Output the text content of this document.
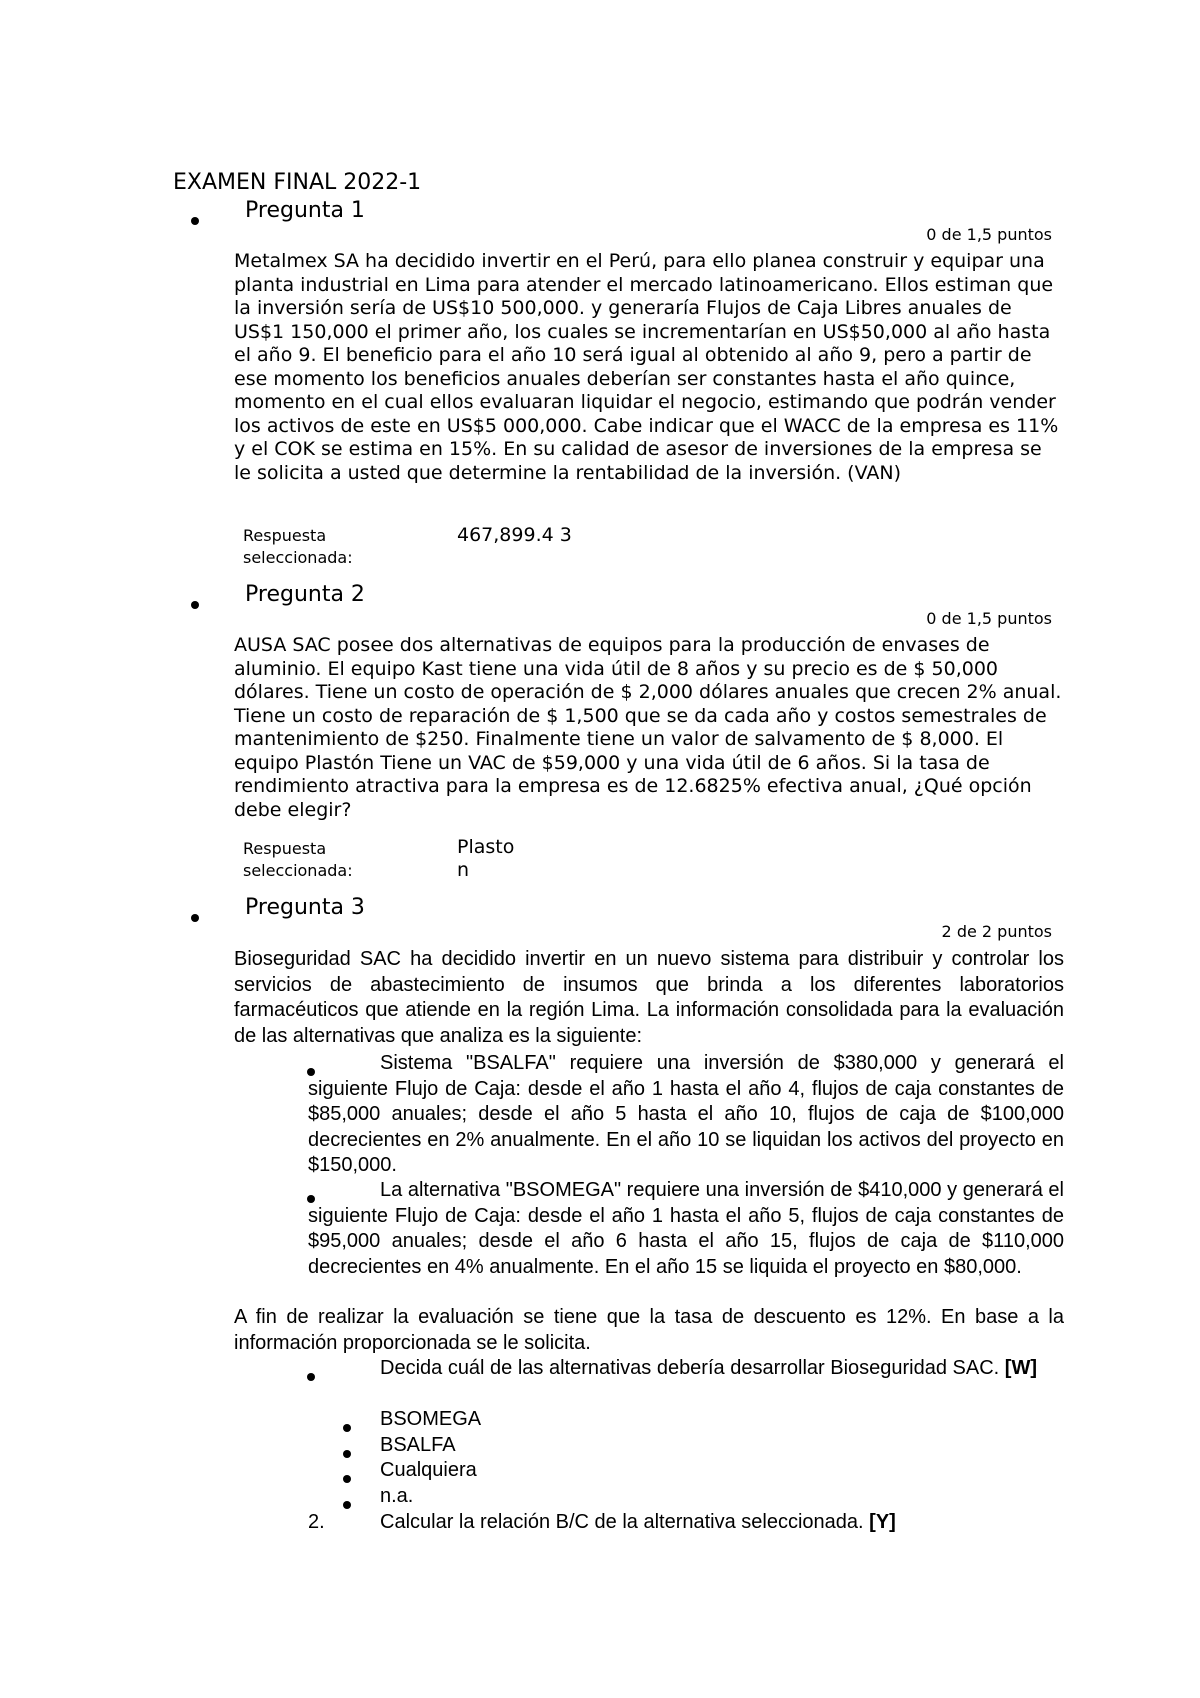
EXAMEN FINAL 2022-1
Pregunta 1
0 de 1,5 puntos
Metalmex SA ha decidido invertir en el Perú, para ello planea construir y equipar una planta industrial en Lima para atender el mercado latinoamericano. Ellos estiman que la inversión sería de US$10 500,000. y generaría Flujos de Caja Libres anuales de US$1 150,000 el primer año, los cuales se incrementarían en US$50,000 al año hasta el año 9. El beneficio para el año 10 será igual al obtenido al año 9, pero a partir de ese momento los beneficios anuales deberían ser constantes hasta el año quince, momento en el cual ellos evaluaran liquidar el negocio, estimando que podrán vender los activos de este en US$5 000,000. Cabe indicar que el WACC de la empresa es 11% y el COK se estima en 15%. En su calidad de asesor de inversiones de la empresa se le solicita a usted que determine la rentabilidad de la inversión. (VAN)
Respuesta seleccionada:
467,899.4 3
Pregunta 2
0 de 1,5 puntos
AUSA SAC posee dos alternativas de equipos para la producción de envases de aluminio. El equipo Kast tiene una vida útil de 8 años y su precio es de $ 50,000 dólares. Tiene un costo de operación de $ 2,000 dólares anuales que crecen 2% anual. Tiene un costo de reparación de $ 1,500 que se da cada año y costos semestrales de mantenimiento de $250. Finalmente tiene un valor de salvamento de $ 8,000. El equipo Plastón Tiene un VAC de $59,000 y una vida útil de 6 años. Si la tasa de rendimiento atractiva para la empresa es de 12.6825% efectiva anual, ¿Qué opción debe elegir?
Respuesta seleccionada:
Plasto n
Pregunta 3
2 de 2 puntos
Bioseguridad SAC ha decidido invertir en un nuevo sistema para distribuir y controlar los servicios de abastecimiento de insumos que brinda a los diferentes laboratorios farmacéuticos que atiende en la región Lima. La información consolidada para la evaluación de las alternativas que analiza es la siguiente:
Sistema "BSALFA" requiere una inversión de $380,000 y generará el siguiente Flujo de Caja: desde el año 1 hasta el año 4, flujos de caja constantes de $85,000 anuales; desde el año 5 hasta el año 10, flujos de caja de $100,000 decrecientes en 2% anualmente. En el año 10 se liquidan los activos del proyecto en $150,000.
La alternativa "BSOMEGA" requiere una inversión de $410,000 y generará el siguiente Flujo de Caja: desde el año 1 hasta el año 5, flujos de caja constantes de $95,000 anuales; desde el año 6 hasta el año 15, flujos de caja de $110,000 decrecientes en 4% anualmente. En el año 15 se liquida el proyecto en $80,000.
A fin de realizar la evaluación se tiene que la tasa de descuento es 12%. En base a la información proporcionada se le solicita.
Decida cuál de las alternativas debería desarrollar Bioseguridad SAC. [W]
BSOMEGA
BSALFA
Cualquiera
n.a.
2.	Calcular la relación B/C de la alternativa seleccionada. [Y]
